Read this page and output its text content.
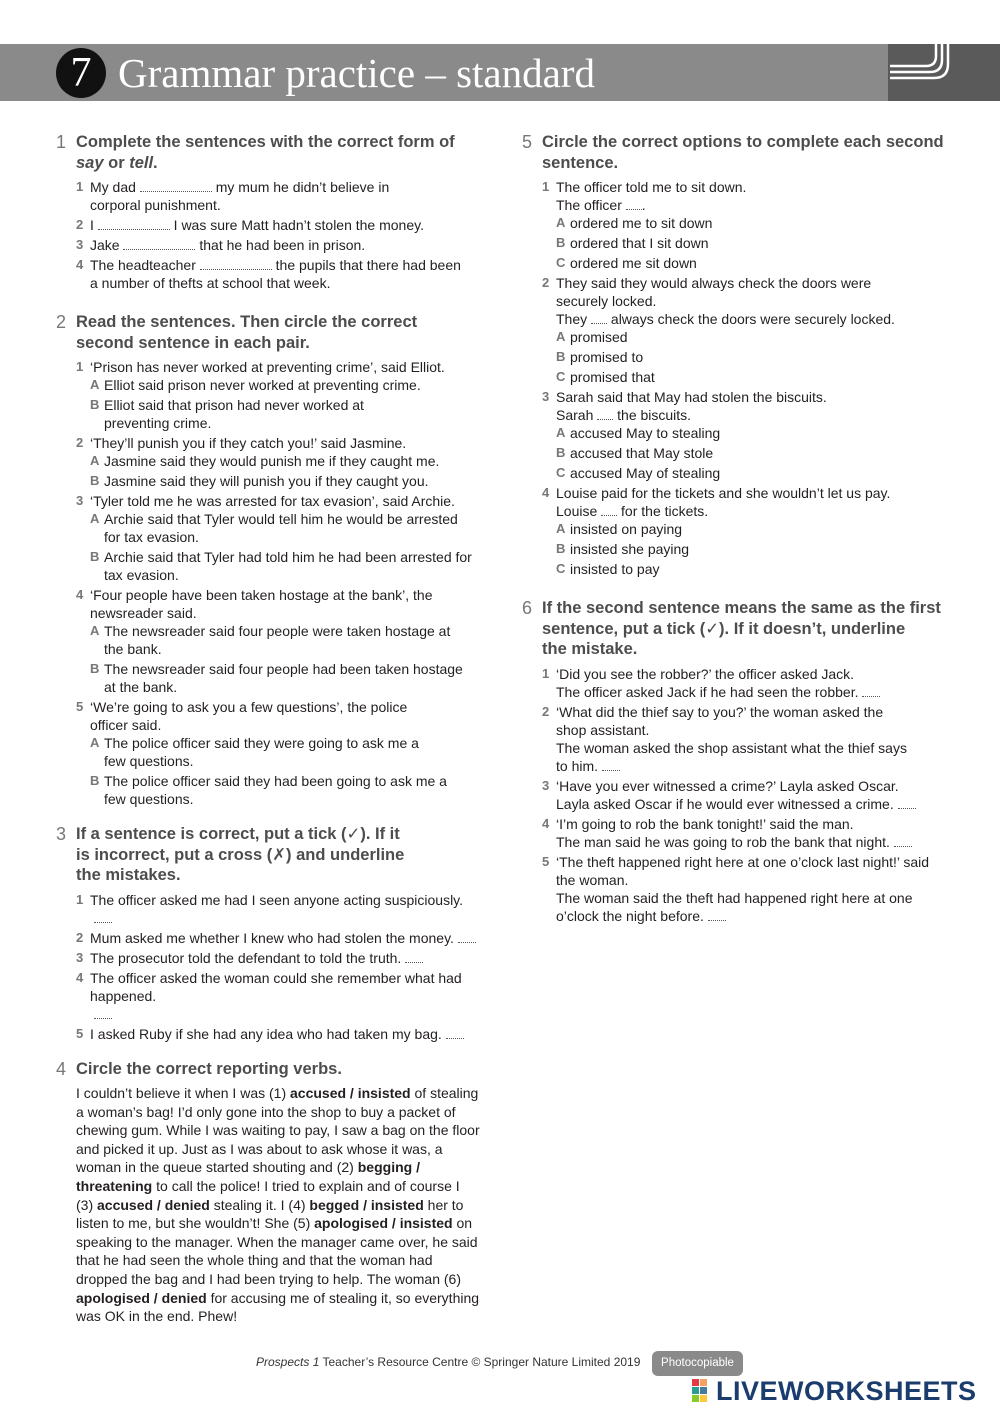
7 Grammar practice – standard
1 Complete the sentences with the correct form of say or tell.
1 My dad	my mum he didn’t believe in
corporal punishment.
2 I	I was sure Matt hadn’t stolen the money.
3 Jake	that he had been in prison.
4 The headteacher	the pupils that there had been
a number of thefts at school that week.
2 Read the sentences. Then circle the correct
second sentence in each pair.
1 ‘Prison has never worked at preventing crime’, said Elliot.
A Elliot said prison never worked at preventing crime.
B Elliot said that prison had never worked at
preventing crime.
2 ‘They’ll punish you if they catch you!’ said Jasmine.
A Jasmine said they would punish me if they caught me.
B Jasmine said they will punish you if they caught you.
3 ‘Tyler told me he was arrested for tax evasion’, said Archie.
A Archie said that Tyler would tell him he would be arrested
for tax evasion.
B Archie said that Tyler had told him he had been arrested for
tax evasion.
4 ‘Four people have been taken hostage at the bank’, the
newsreader said.
A The newsreader said four people were taken hostage at
the bank.
B The newsreader said four people had been taken hostage
at the bank.
5 ‘We’re going to ask you a few questions’, the police
officer said.
A The police officer said they were going to ask me a
few questions.
B The police officer said they had been going to ask me a
few questions.
3 If a sentence is correct, put a tick (✓). If it
is incorrect, put a cross (✗) and underline
the mistakes.
1 The officer asked me had I seen anyone acting suspiciously.
2 Mum asked me whether I knew who had stolen the money.
3 The prosecutor told the defendant to told the truth.
4 The officer asked the woman could she remember what had
happened.
5 I asked Ruby if she had any idea who had taken my bag.
4 Circle the correct reporting verbs.
I couldn’t believe it when I was (1) accused / insisted of stealing a woman’s bag! I’d only gone into the shop to buy a packet of chewing gum. While I was waiting to pay, I saw a bag on the floor and picked it up. Just as I was about to ask whose it was, a woman in the queue started shouting and (2) begging / threatening to call the police! I tried to explain and of course I (3) accused / denied stealing it. I (4) begged / insisted her to listen to me, but she wouldn’t! She (5) apologised / insisted on speaking to the manager. When the manager came over, he said that he had seen the whole thing and that the woman had dropped the bag and I had been trying to help. The woman (6) apologised / denied for accusing me of stealing it, so everything was OK in the end. Phew!
5 Circle the correct options to complete each second
sentence.
1 The officer told me to sit down.
The officer .
A ordered me to sit down
B ordered that I sit down
C ordered me sit down
2 They said they would always check the doors were
securely locked.
They  always check the doors were securely locked.
A promised
B promised to
C promised that
3 Sarah said that May had stolen the biscuits.
Sarah  the biscuits.
A accused May to stealing
B accused that May stole
C accused May of stealing
4 Louise paid for the tickets and she wouldn’t let us pay.
Louise  for the tickets.
A insisted on paying
B insisted she paying
C insisted to pay
6 If the second sentence means the same as the first
sentence, put a tick (✓). If it doesn’t, underline
the mistake.
1 ‘Did you see the robber?’ the officer asked Jack.
The officer asked Jack if he had seen the robber.
2 ‘What did the thief say to you?’ the woman asked the
shop assistant.
The woman asked the shop assistant what the thief says
to him.
3 ‘Have you ever witnessed a crime?’ Layla asked Oscar.
Layla asked Oscar if he would ever witnessed a crime.
4 ‘I’m going to rob the bank tonight!’ said the man.
The man said he was going to rob the bank that night.
5 ‘The theft happened right here at one o’clock last night!’ said
the woman.
The woman said the theft had happened right here at one
o’clock the night before.
Prospects 1 Teacher’s Resource Centre © Springer Nature Limited 2019	Photocopiable
LIVEWORKSHEETS
